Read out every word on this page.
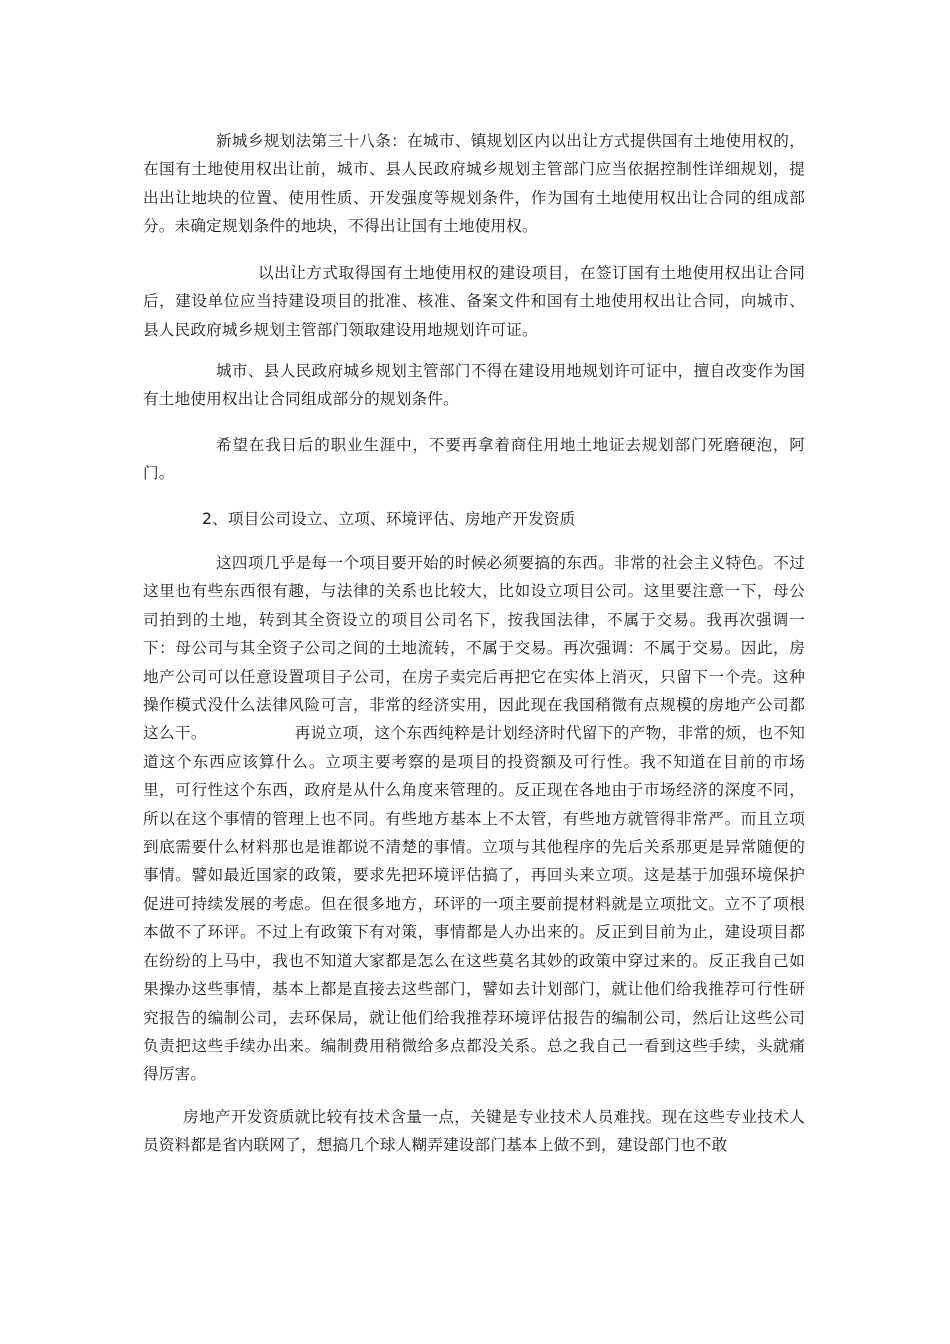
新城乡规划法第三十八条：在城市、镇规划区内以出让方式提供国有土地使用权的，在国有土地使用权出让前，城市、县人民政府城乡规划主管部门应当依据控制性详细规划，提出出让地块的位置、使用性质、开发强度等规划条件，作为国有土地使用权出让合同的组成部分。未确定规划条件的地块，不得出让国有土地使用权。

以出让方式取得国有土地使用权的建设项目，在签订国有土地使用权出让合同后，建设单位应当持建设项目的批准、核准、备案文件和国有土地使用权出让合同，向城市、县人民政府城乡规划主管部门领取建设用地规划许可证。

城市、县人民政府城乡规划主管部门不得在建设用地规划许可证中，擅自改变作为国有土地使用权出让合同组成部分的规划条件。

希望在我日后的职业生涯中，不要再拿着商住用地土地证去规划部门死磨硬泡，阿门。

2、项目公司设立、立项、环境评估、房地产开发资质

这四项几乎是每一个项目要开始的时候必须要搞的东西。非常的社会主义特色。不过这里也有些东西很有趣，与法律的关系也比较大，比如设立项目公司。这里要注意一下，母公司拍到的土地，转到其全资设立的项目公司名下，按我国法律，不属于交易。我再次强调一下：母公司与其全资子公司之间的土地流转，不属于交易。再次强调：不属于交易。因此，房地产公司可以任意设置项目子公司，在房子卖完后再把它在实体上消灭，只留下一个壳。这种操作模式没什么法律风险可言，非常的经济实用，因此现在我国稍微有点规模的房地产公司都这么干。　　　　　　再说立项，这个东西纯粹是计划经济时代留下的产物，非常的烦，也不知道这个东西应该算什么。立项主要考察的是项目的投资额及可行性。我不知道在目前的市场里，可行性这个东西，政府是从什么角度来管理的。反正现在各地由于市场经济的深度不同，所以在这个事情的管理上也不同。有些地方基本上不太管，有些地方就管得非常严。而且立项到底需要什么材料那也是谁都说不清楚的事情。立项与其他程序的先后关系那更是异常随便的事情。譬如最近国家的政策，要求先把环境评估搞了，再回头来立项。这是基于加强环境保护促进可持续发展的考虑。但在很多地方，环评的一项主要前提材料就是立项批文。立不了项根本做不了环评。不过上有政策下有对策，事情都是人办出来的。反正到目前为止，建设项目都在纷纷的上马中，我也不知道大家都是怎么在这些莫名其妙的政策中穿过来的。反正我自己如果操办这些事情，基本上都是直接去这些部门，譬如去计划部门，就让他们给我推荐可行性研究报告的编制公司，去环保局，就让他们给我推荐环境评估报告的编制公司，然后让这些公司负责把这些手续办出来。编制费用稍微给多点都没关系。总之我自己一看到这些手续，头就痛得厉害。

房地产开发资质就比较有技术含量一点，关键是专业技术人员难找。现在这些专业技术人员资料都是省内联网了，想搞几个球人糊弄建设部门基本上做不到，建设部门也不敢
